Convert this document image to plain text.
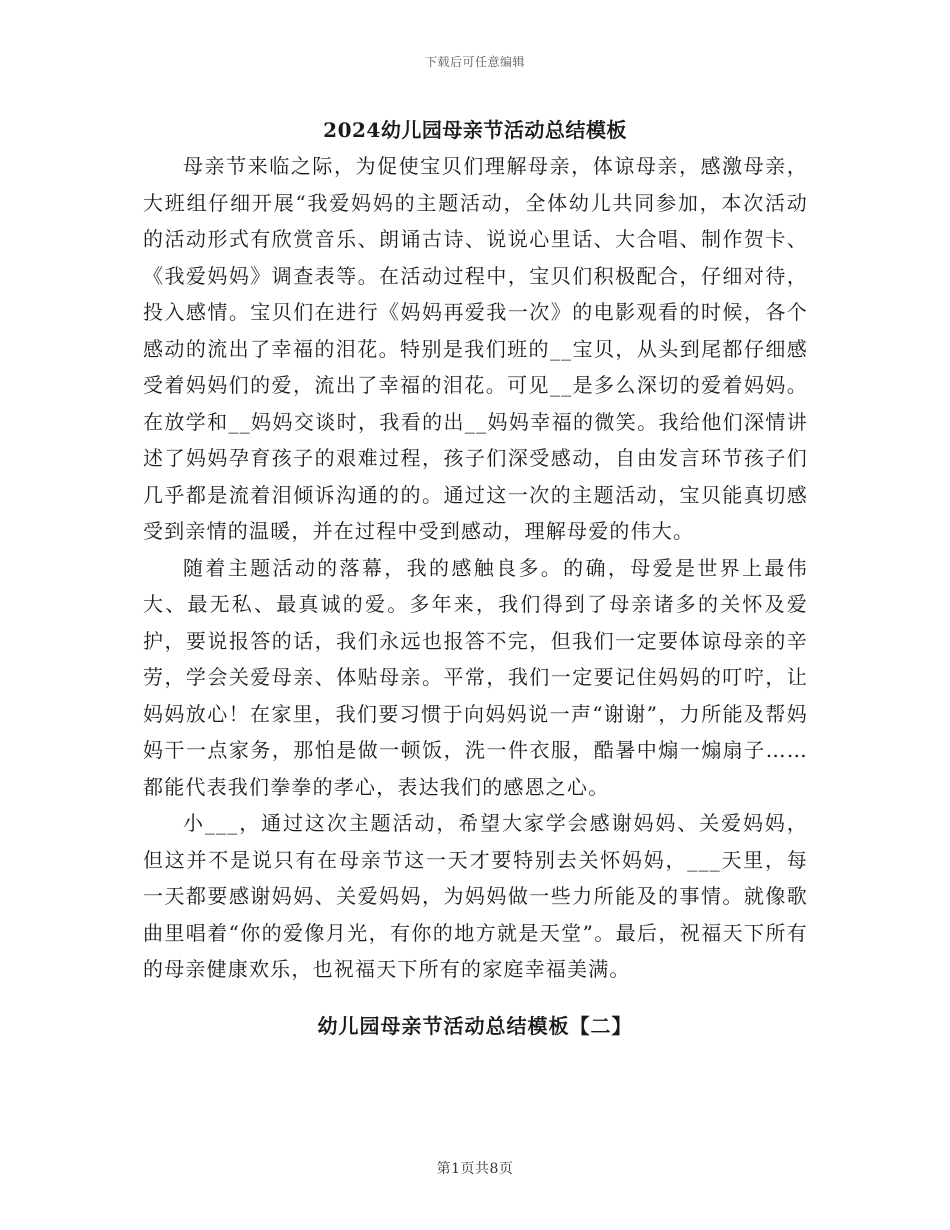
下载后可任意编辑
2024幼儿园母亲节活动总结模板

母亲节来临之际，为促使宝贝们理解母亲，体谅母亲，感激母亲，大班组仔细开展“我爱妈妈的主题活动，全体幼儿共同参加，本次活动的活动形式有欣赏音乐、朗诵古诗、说说心里话、大合唱、制作贺卡、《我爱妈妈》调查表等。在活动过程中，宝贝们积极配合，仔细对待，投入感情。宝贝们在进行《妈妈再爱我一次》的电影观看的时候，各个感动的流出了幸福的泪花。特别是我们班的__宝贝，从头到尾都仔细感受着妈妈们的爱，流出了幸福的泪花。可见__是多么深切的爱着妈妈。在放学和__妈妈交谈时，我看的出__妈妈幸福的微笑。我给他们深情讲述了妈妈孕育孩子的艰难过程，孩子们深受感动，自由发言环节孩子们几乎都是流着泪倾诉沟通的的。通过这一次的主题活动，宝贝能真切感受到亲情的温暖，并在过程中受到感动，理解母爱的伟大。

随着主题活动的落幕，我的感触良多。的确，母爱是世界上最伟大、最无私、最真诚的爱。多年来，我们得到了母亲诸多的关怀及爱护，要说报答的话，我们永远也报答不完，但我们一定要体谅母亲的辛劳，学会关爱母亲、体贴母亲。平常，我们一定要记住妈妈的叮咛，让妈妈放心！在家里，我们要习惯于向妈妈说一声“谢谢”，力所能及帮妈妈干一点家务，那怕是做一顿饭，洗一件衣服，酷暑中煽一煽扇子……都能代表我们拳拳的孝心，表达我们的感恩之心。

小___，通过这次主题活动，希望大家学会感谢妈妈、关爱妈妈，但这并不是说只有在母亲节这一天才要特别去关怀妈妈，___天里，每一天都要感谢妈妈、关爱妈妈，为妈妈做一些力所能及的事情。就像歌曲里唱着“你的爱像月光，有你的地方就是天堂”。最后，祝福天下所有的母亲健康欢乐，也祝福天下所有的家庭幸福美满。

幼儿园母亲节活动总结模板【二】
第1页共8页
